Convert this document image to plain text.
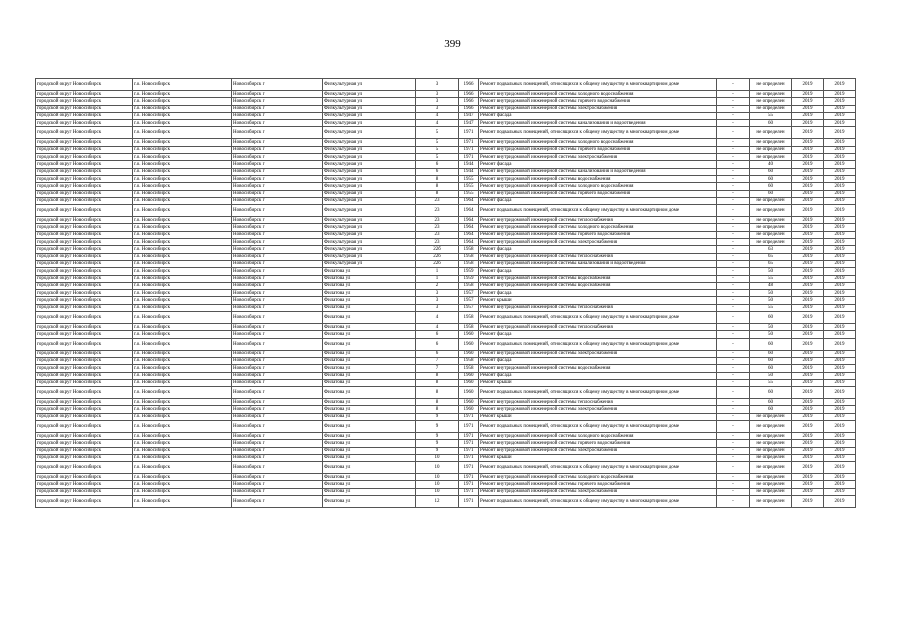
399
городской округ Новосибирск	г.о. Новосибирск	Новосибирск г	Физкультурная ул	3	1966	Ремонт подвальных помещений, относящихся к общему имуществу в многоквартирном доме	-	не определен	2019	2019
городской округ Новосибирск	г.о. Новосибирск	Новосибирск г	Физкультурная ул	3	1966	Ремонт внутридомовой инженерной системы холодного водоснабжения	-	не определен	2019	2019
городской округ Новосибирск	г.о. Новосибирск	Новосибирск г	Физкультурная ул	3	1966	Ремонт внутридомовой инженерной системы горячего водоснабжения	-	не определен	2019	2019
городской округ Новосибирск	г.о. Новосибирск	Новосибирск г	Физкультурная ул	3	1966	Ремонт внутридомовой инженерной системы электроснабжения	-	не определен	2019	2019
городской округ Новосибирск	г.о. Новосибирск	Новосибирск г	Физкультурная ул	4	1947	Ремонт фасада	-	55	2019	2019
городской округ Новосибирск	г.о. Новосибирск	Новосибирск г	Физкультурная ул	4	1947	Ремонт внутридомовой инженерной системы канализования и водоотведения	-	60	2019	2019
городской округ Новосибирск	г.о. Новосибирск	Новосибирск г	Физкультурная ул	5	1971	Ремонт подвальных помещений, относящихся к общему имуществу в многоквартирном доме	-	не определен	2019	2019
городской округ Новосибирск	г.о. Новосибирск	Новосибирск г	Физкультурная ул	5	1971	Ремонт внутридомовой инженерной системы холодного водоснабжения	-	не определен	2019	2019
городской округ Новосибирск	г.о. Новосибирск	Новосибирск г	Физкультурная ул	5	1971	Ремонт внутридомовой инженерной системы горячего водоснабжения	-	не определен	2019	2019
городской округ Новосибирск	г.о. Новосибирск	Новосибирск г	Физкультурная ул	5	1971	Ремонт внутридомовой инженерной системы электроснабжения	-	не определен	2019	2019
городской округ Новосибирск	г.о. Новосибирск	Новосибирск г	Физкультурная ул	6	1944	Ремонт фасада	-	40	2019	2019
городской округ Новосибирск	г.о. Новосибирск	Новосибирск г	Физкультурная ул	6	1944	Ремонт внутридомовой инженерной системы канализования и водоотведения	-	60	2019	2019
городской округ Новосибирск	г.о. Новосибирск	Новосибирск г	Физкультурная ул	8	1955	Ремонт внутридомовой инженерной системы водоснабжения	-	60	2019	2019
городской округ Новосибирск	г.о. Новосибирск	Новосибирск г	Физкультурная ул	8	1955	Ремонт внутридомовой инженерной системы холодного водоснабжения	-	60	2019	2019
городской округ Новосибирск	г.о. Новосибирск	Новосибирск г	Физкультурная ул	8	1955	Ремонт внутридомовой инженерной системы горячего водоснабжения	-	60	2019	2019
городской округ Новосибирск	г.о. Новосибирск	Новосибирск г	Физкультурная ул	23	1964	Ремонт фасада	-	не определен	2019	2019
городской округ Новосибирск	г.о. Новосибирск	Новосибирск г	Физкультурная ул	23	1964	Ремонт подвальных помещений, относящихся к общему имуществу в многоквартирном доме	-	не определен	2019	2019
городской округ Новосибирск	г.о. Новосибирск	Новосибирск г	Физкультурная ул	23	1964	Ремонт внутридомовой инженерной системы теплоснабжения	-	не определен	2019	2019
городской округ Новосибирск	г.о. Новосибирск	Новосибирск г	Физкультурная ул	23	1964	Ремонт внутридомовой инженерной системы холодного водоснабжения	-	не определен	2019	2019
городской округ Новосибирск	г.о. Новосибирск	Новосибирск г	Физкультурная ул	23	1964	Ремонт внутридомовой инженерной системы горячего водоснабжения	-	не определен	2019	2019
городской округ Новосибирск	г.о. Новосибирск	Новосибирск г	Физкультурная ул	23	1964	Ремонт внутридомовой инженерной системы электроснабжения	-	не определен	2019	2019
городской округ Новосибирск	г.о. Новосибирск	Новосибирск г	Физкультурная ул	22б	1958	Ремонт фасада	-	63	2019	2019
городской округ Новосибирск	г.о. Новосибирск	Новосибирск г	Физкультурная ул	22б	1958	Ремонт внутридомовой инженерной системы теплоснабжения	-	65	2019	2019
городской округ Новосибирск	г.о. Новосибирск	Новосибирск г	Физкультурная ул	22б	1958	Ремонт внутридомовой инженерной системы канализования и водоотведения	-	65	2019	2019
городской округ Новосибирск	г.о. Новосибирск	Новосибирск г	Филатова ул	1	1959	Ремонт фасада	-	50	2019	2019
городской округ Новосибирск	г.о. Новосибирск	Новосибирск г	Филатова ул	1	1959	Ремонт внутридомовой инженерной системы водоснабжения	-	55	2019	2019
городской округ Новосибирск	г.о. Новосибирск	Новосибирск г	Филатова ул	2	1958	Ремонт внутридомовой инженерной системы водоснабжения	-	48	2019	2019
городской округ Новосибирск	г.о. Новосибирск	Новосибирск г	Филатова ул	3	1957	Ремонт фасада	-	50	2019	2019
городской округ Новосибирск	г.о. Новосибирск	Новосибирск г	Филатова ул	3	1957	Ремонт крыши	-	50	2019	2019
городской округ Новосибирск	г.о. Новосибирск	Новосибирск г	Филатова ул	3	1957	Ремонт внутридомовой инженерной системы теплоснабжения	-	55	2019	2019
городской округ Новосибирск	г.о. Новосибирск	Новосибирск г	Филатова ул	4	1958	Ремонт подвальных помещений, относящихся к общему имуществу в многоквартирном доме	-	60	2019	2019
городской округ Новосибирск	г.о. Новосибирск	Новосибирск г	Филатова ул	4	1958	Ремонт внутридомовой инженерной системы теплоснабжения	-	50	2019	2019
городской округ Новосибирск	г.о. Новосибирск	Новосибирск г	Филатова ул	6	1960	Ремонт фасада	-	50	2019	2019
городской округ Новосибирск	г.о. Новосибирск	Новосибирск г	Филатова ул	6	1960	Ремонт подвальных помещений, относящихся к общему имуществу в многоквартирном доме	-	60	2019	2019
городской округ Новосибирск	г.о. Новосибирск	Новосибирск г	Филатова ул	6	1960	Ремонт внутридомовой инженерной системы электроснабжения	-	60	2019	2019
городской округ Новосибирск	г.о. Новосибирск	Новосибирск г	Филатова ул	7	1958	Ремонт фасада	-	60	2019	2019
городской округ Новосибирск	г.о. Новосибирск	Новосибирск г	Филатова ул	7	1958	Ремонт внутридомовой инженерной системы водоснабжения	-	60	2019	2019
городской округ Новосибирск	г.о. Новосибирск	Новосибирск г	Филатова ул	8	1960	Ремонт фасада	-	50	2019	2019
городской округ Новосибирск	г.о. Новосибирск	Новосибирск г	Филатова ул	8	1960	Ремонт крыши	-	55	2019	2019
городской округ Новосибирск	г.о. Новосибирск	Новосибирск г	Филатова ул	8	1960	Ремонт подвальных помещений, относящихся к общему имуществу в многоквартирном доме	-	60	2019	2019
городской округ Новосибирск	г.о. Новосибирск	Новосибирск г	Филатова ул	8	1960	Ремонт внутридомовой инженерной системы теплоснабжения	-	60	2019	2019
городской округ Новосибирск	г.о. Новосибирск	Новосибирск г	Филатова ул	8	1960	Ремонт внутридомовой инженерной системы электроснабжения	-	60	2019	2019
городской округ Новосибирск	г.о. Новосибирск	Новосибирск г	Филатова ул	9	1971	Ремонт крыши	-	не определен	2019	2019
городской округ Новосибирск	г.о. Новосибирск	Новосибирск г	Филатова ул	9	1971	Ремонт подвальных помещений, относящихся к общему имуществу в многоквартирном доме	-	не определен	2019	2019
городской округ Новосибирск	г.о. Новосибирск	Новосибирск г	Филатова ул	9	1971	Ремонт внутридомовой инженерной системы холодного водоснабжения	-	не определен	2019	2019
городской округ Новосибирск	г.о. Новосибирск	Новосибирск г	Филатова ул	9	1971	Ремонт внутридомовой инженерной системы горячего водоснабжения	-	не определен	2019	2019
городской округ Новосибирск	г.о. Новосибирск	Новосибирск г	Филатова ул	9	1971	Ремонт внутридомовой инженерной системы электроснабжения	-	не определен	2019	2019
городской округ Новосибирск	г.о. Новосибирск	Новосибирск г	Филатова ул	10	1971	Ремонт крыши	-	не определен	2019	2019
городской округ Новосибирск	г.о. Новосибирск	Новосибирск г	Филатова ул	10	1971	Ремонт подвальных помещений, относящихся к общему имуществу в многоквартирном доме	-	не определен	2019	2019
городской округ Новосибирск	г.о. Новосибирск	Новосибирск г	Филатова ул	10	1971	Ремонт внутридомовой инженерной системы холодного водоснабжения	-	не определен	2019	2019
городской округ Новосибирск	г.о. Новосибирск	Новосибирск г	Филатова ул	10	1971	Ремонт внутридомовой инженерной системы горячего водоснабжения	-	не определен	2019	2019
городской округ Новосибирск	г.о. Новосибирск	Новосибирск г	Филатова ул	10	1971	Ремонт внутридомовой инженерной системы электроснабжения	-	не определен	2019	2019
городской округ Новосибирск	г.о. Новосибирск	Новосибирск г	Филатова ул	12	1971	Ремонт подвальных помещений, относящихся к общему имуществу в многоквартирном доме	-	не определен	2019	2019
